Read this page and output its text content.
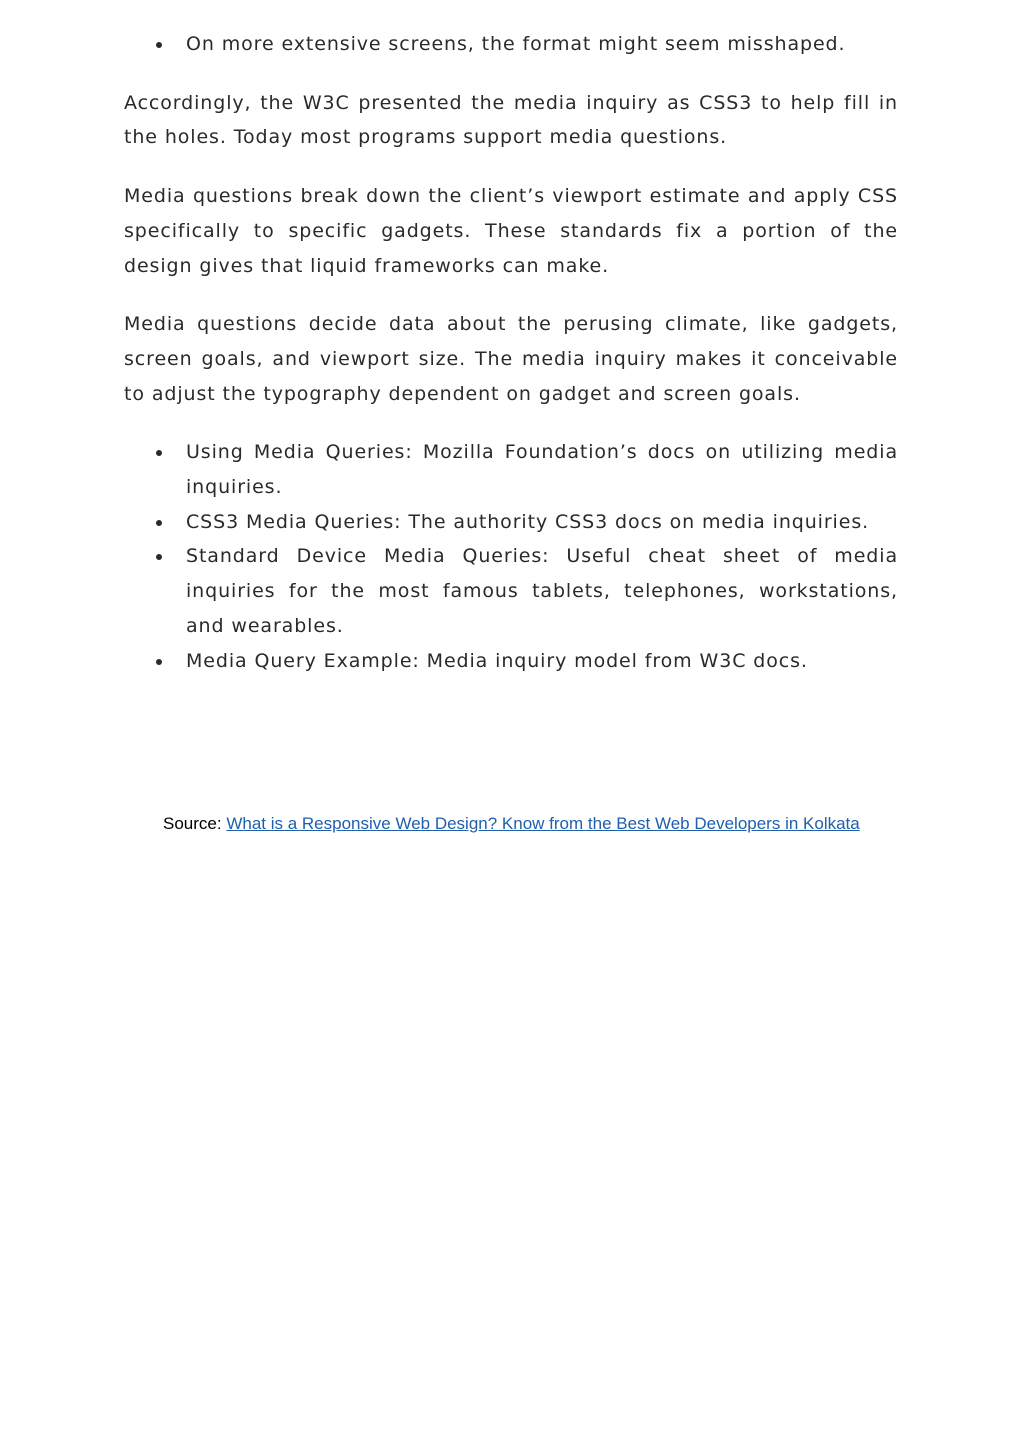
On more extensive screens, the format might seem misshaped.

Accordingly, the W3C presented the media inquiry as CSS3 to help fill in the holes. Today most programs support media questions.

Media questions break down the client’s viewport estimate and apply CSS specifically to specific gadgets. These standards fix a portion of the design gives that liquid frameworks can make.

Media questions decide data about the perusing climate, like gadgets, screen goals, and viewport size. The media inquiry makes it conceivable to adjust the typography dependent on gadget and screen goals.

Using Media Queries: Mozilla Foundation’s docs on utilizing media inquiries.
CSS3 Media Queries: The authority CSS3 docs on media inquiries.
Standard Device Media Queries: Useful cheat sheet of media inquiries for the most famous tablets, telephones, workstations, and wearables.
Media Query Example: Media inquiry model from W3C docs.
Source: What is a Responsive Web Design? Know from the Best Web Developers in Kolkata
